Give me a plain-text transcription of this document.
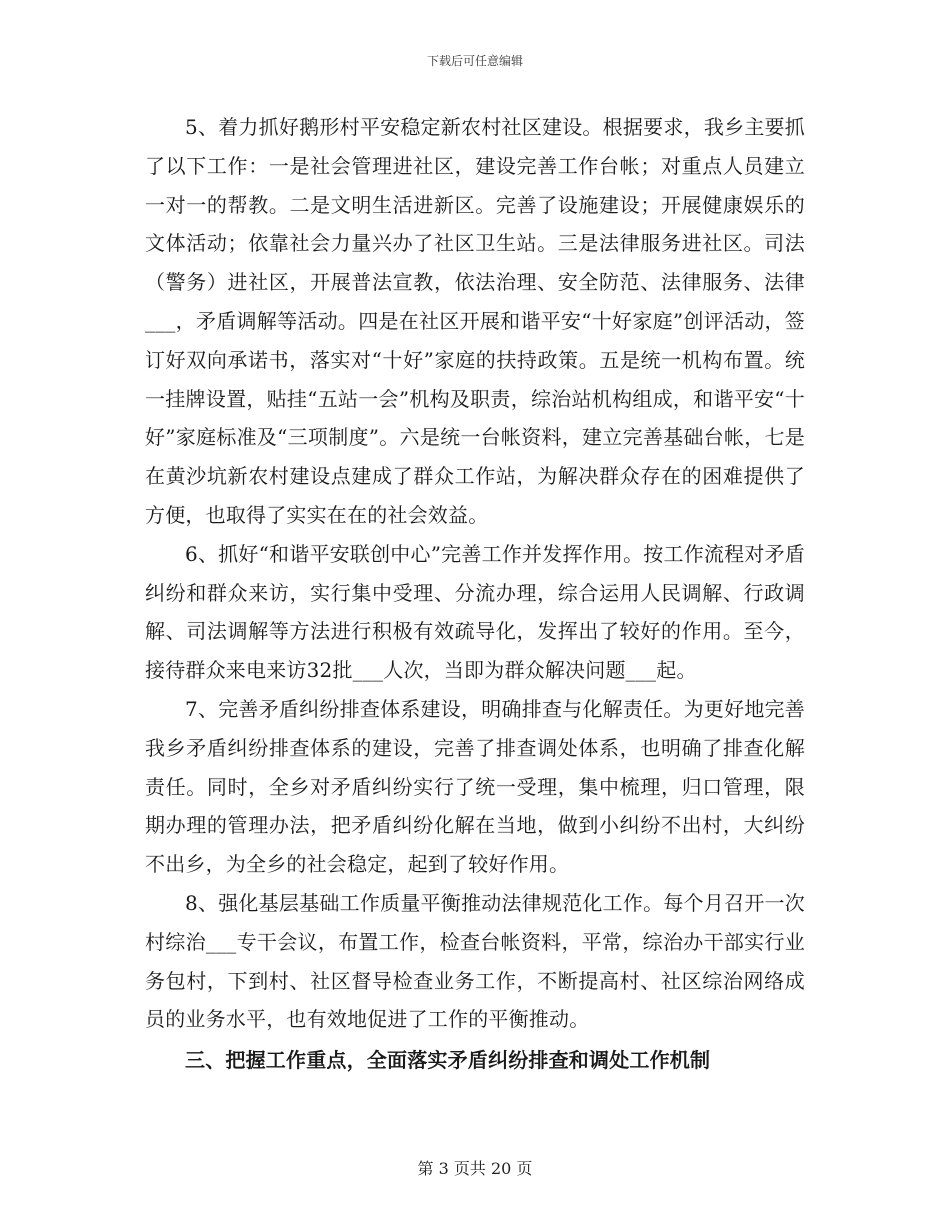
下载后可任意编辑

5、着力抓好鹅形村平安稳定新农村社区建设。根据要求，我乡主要抓了以下工作：一是社会管理进社区，建设完善工作台帐；对重点人员建立一对一的帮教。二是文明生活进新区。完善了设施建设；开展健康娱乐的文体活动；依靠社会力量兴办了社区卫生站。三是法律服务进社区。司法（警务）进社区，开展普法宣教，依法治理、安全防范、法律服务、法律___，矛盾调解等活动。四是在社区开展和谐平安“十好家庭”创评活动，签订好双向承诺书，落实对“十好”家庭的扶持政策。五是统一机构布置。统一挂牌设置，贴挂“五站一会”机构及职责，综治站机构组成，和谐平安“十好”家庭标准及“三项制度”。六是统一台帐资料，建立完善基础台帐，七是在黄沙坑新农村建设点建成了群众工作站，为解决群众存在的困难提供了方便，也取得了实实在在的社会效益。

6、抓好“和谐平安联创中心”完善工作并发挥作用。按工作流程对矛盾纠纷和群众来访，实行集中受理、分流办理，综合运用人民调解、行政调解、司法调解等方法进行积极有效疏导化，发挥出了较好的作用。至今，接待群众来电来访32批___人次，当即为群众解决问题___起。

7、完善矛盾纠纷排查体系建设，明确排查与化解责任。为更好地完善我乡矛盾纠纷排查体系的建设，完善了排查调处体系，也明确了排查化解责任。同时，全乡对矛盾纠纷实行了统一受理，集中梳理，归口管理，限期办理的管理办法，把矛盾纠纷化解在当地，做到小纠纷不出村，大纠纷不出乡，为全乡的社会稳定，起到了较好作用。

8、强化基层基础工作质量平衡推动法律规范化工作。每个月召开一次村综治___专干会议，布置工作，检查台帐资料，平常，综治办干部实行业务包村，下到村、社区督导检查业务工作，不断提高村、社区综治网络成员的业务水平，也有效地促进了工作的平衡推动。

三、把握工作重点，全面落实矛盾纠纷排查和调处工作机制

第 3 页共 20 页
